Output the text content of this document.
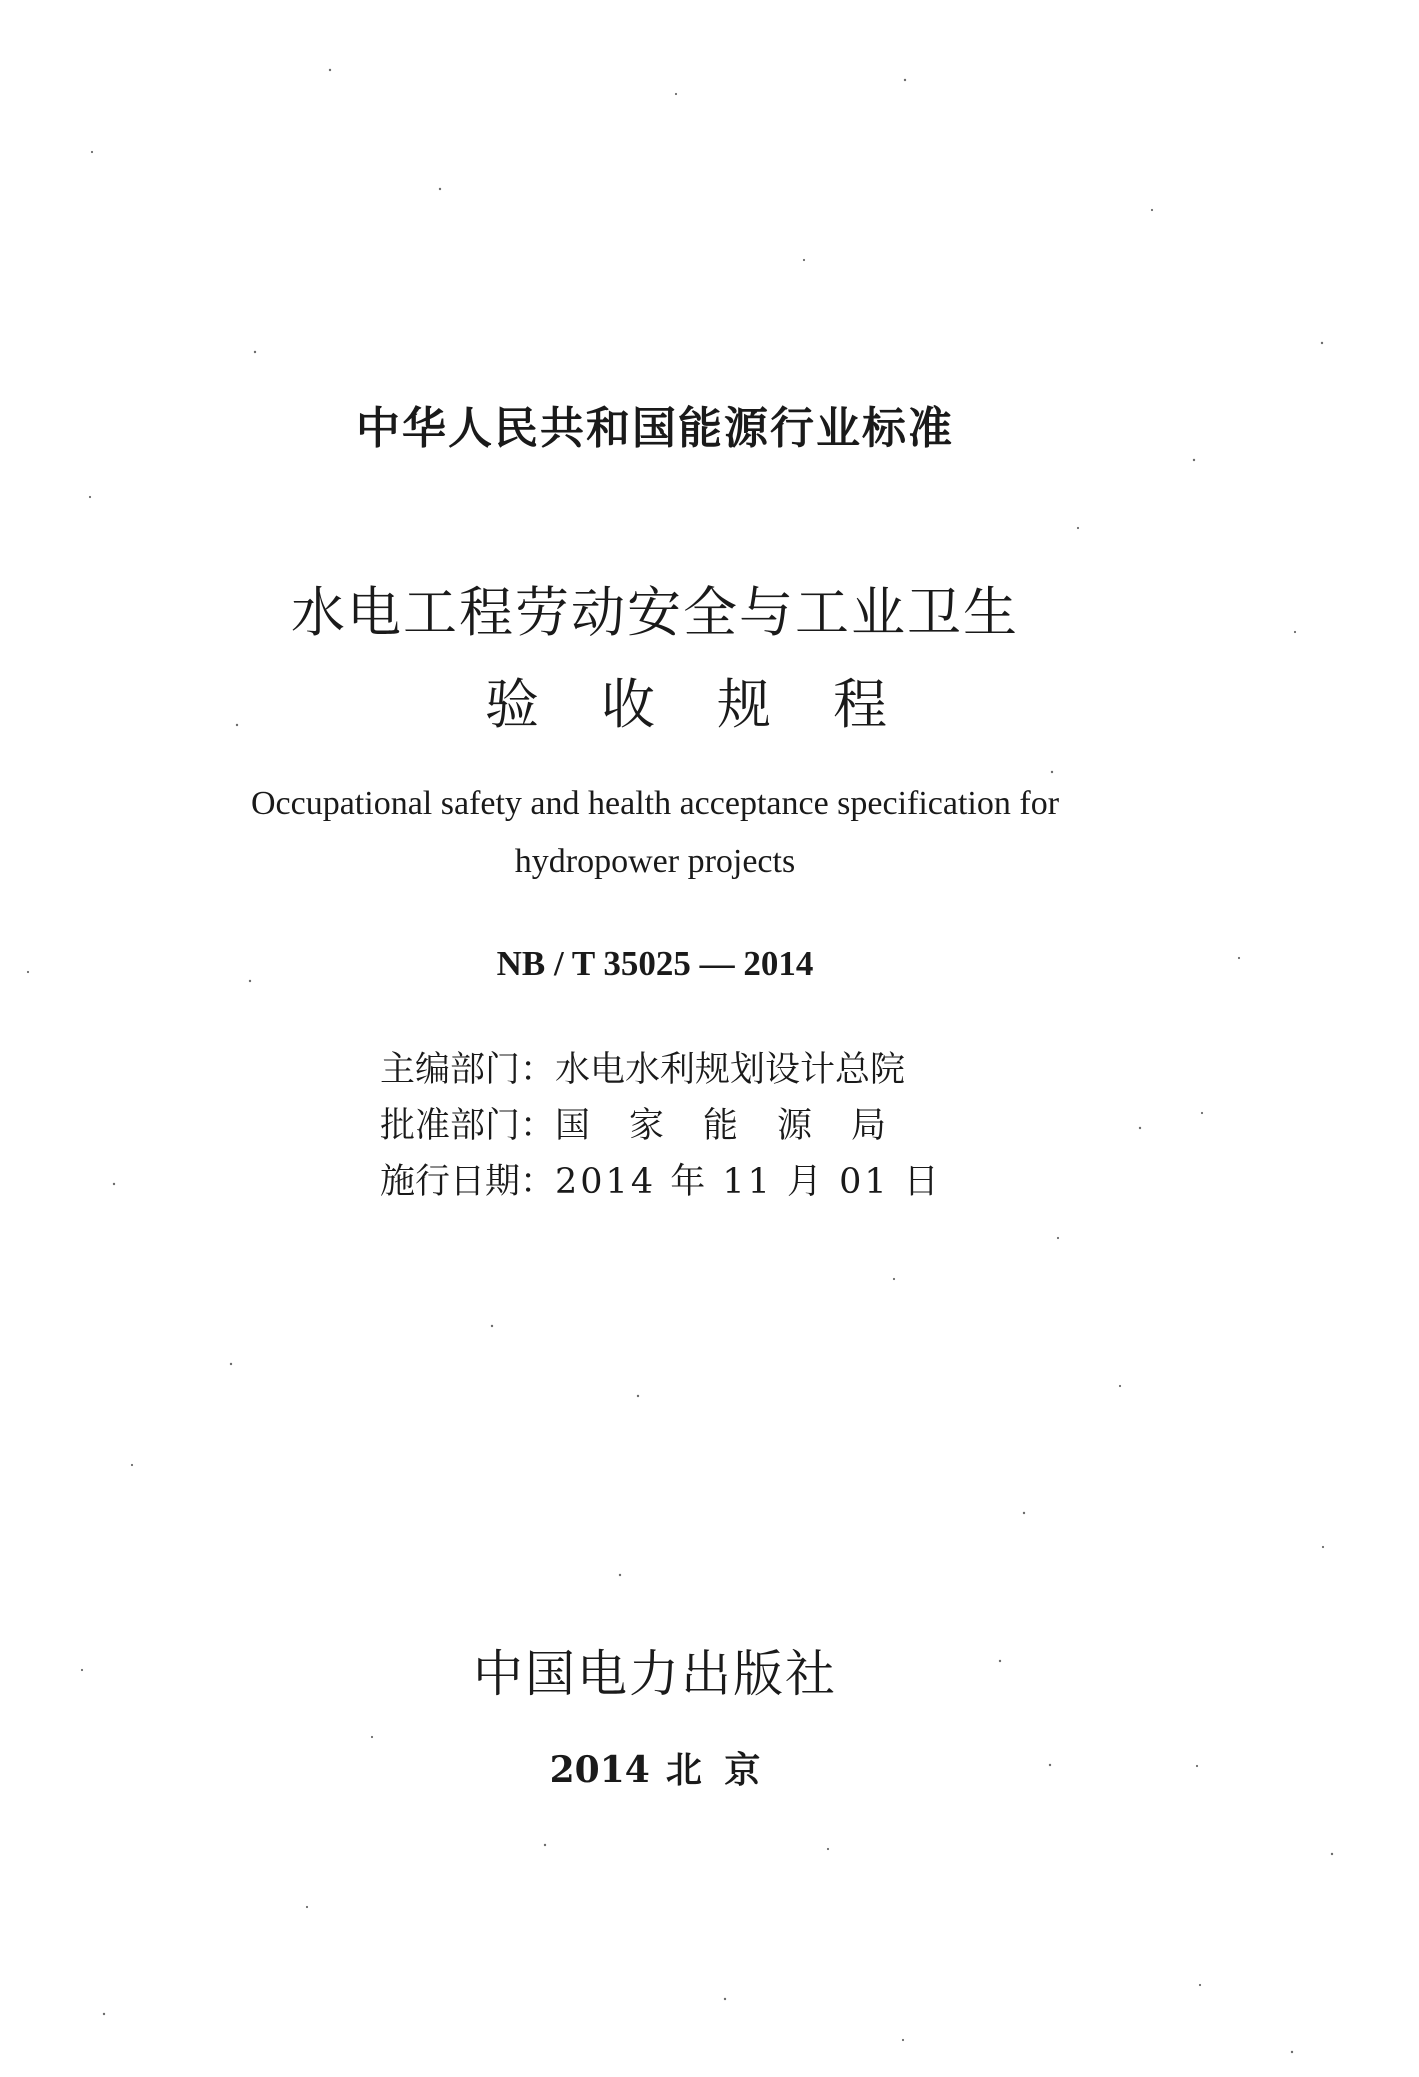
中华人民共和国能源行业标准
水电工程劳动安全与工业卫生
验收规程
Occupational safety and health acceptance specification for
hydropower projects
NB / T 35025 — 2014
主编部门：水电水利规划设计总院
批准部门：国家能源局
施行日期：2014 年 11 月 01 日
中国电力出版社
2014 北 京
